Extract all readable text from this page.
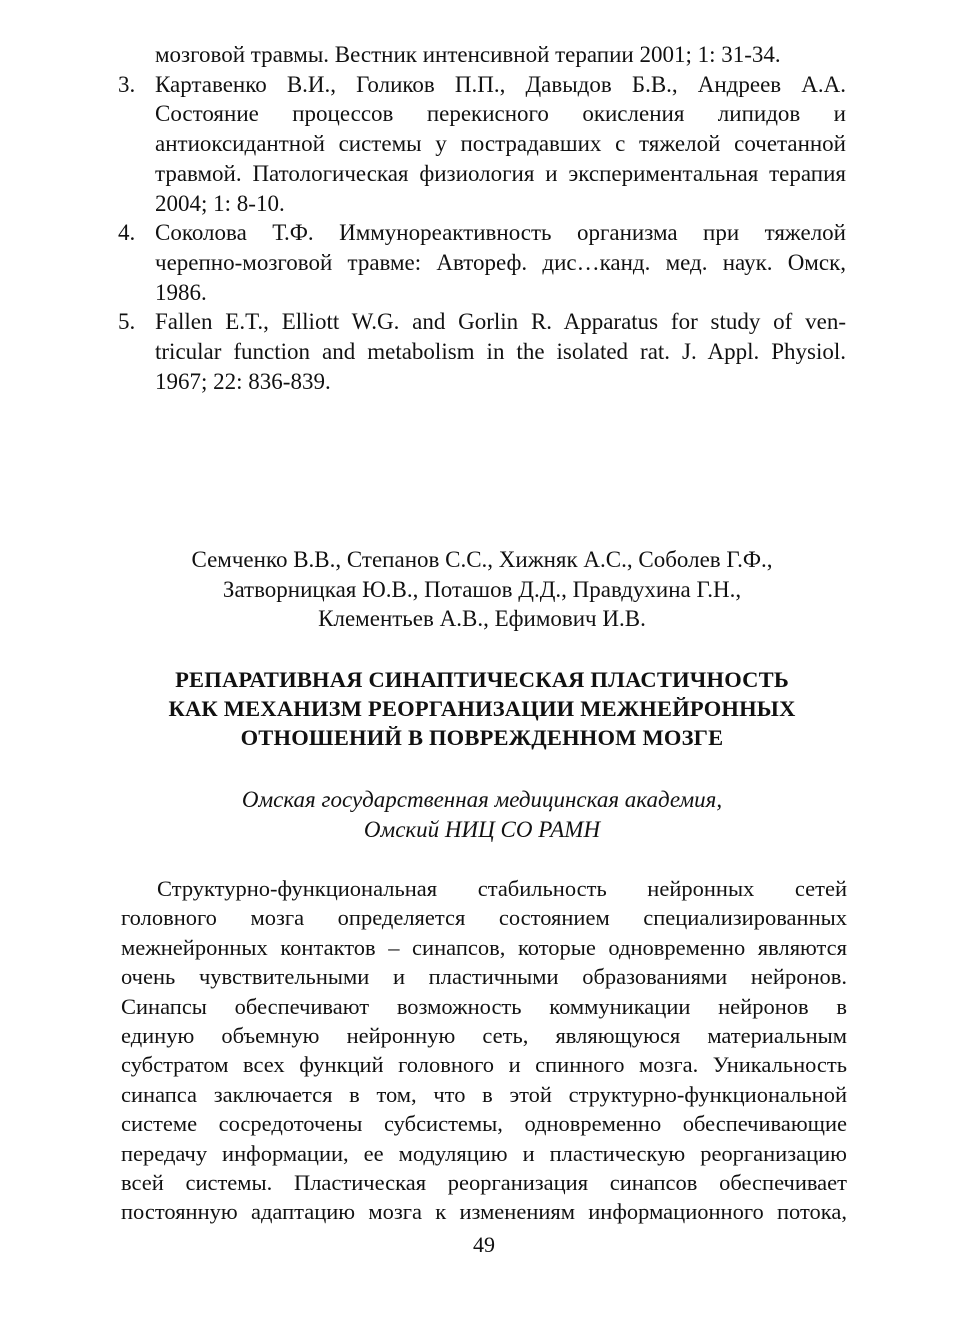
мозговой травмы. Вестник интенсивной терапии 2001; 1: 31-34.
3. Картавенко В.И., Голиков П.П., Давыдов Б.В., Андреев А.А.
Состояние процессов перекисного окисления липидов и
антиоксидантной системы у пострадавших с тяжелой сочетанной
травмой. Патологическая физиология и экспериментальная терапия
2004; 1: 8-10.
4. Соколова Т.Ф. Иммунореактивность организма при тяжелой
черепно-мозговой травме: Автореф. дис…канд. мед. наук. Омск,
1986.
5. Fallen E.T., Elliott W.G. and Gorlin R. Apparatus for study of ven-
tricular function and metabolism in the isolated rat. J. Appl. Physiol.
1967; 22: 836-839.
Семченко В.В., Степанов С.С., Хижняк А.С., Соболев Г.Ф.,
Затворницкая Ю.В., Поташов Д.Д., Правдухина Г.Н.,
Клементьев А.В., Ефимович И.В.
РЕПАРАТИВНАЯ СИНАПТИЧЕСКАЯ ПЛАСТИЧНОСТЬ
КАК МЕХАНИЗМ РЕОРГАНИЗАЦИИ МЕЖНЕЙРОННЫХ
ОТНОШЕНИЙ В ПОВРЕЖДЕННОМ МОЗГЕ
Омская государственная медицинская академия,
Омский НИЦ СО РАМН
Структурно-функциональная стабильность нейронных сетей
головного мозга определяется состоянием специализированных
межнейронных контактов – синапсов, которые одновременно являются
очень чувствительными и пластичными образованиями нейронов.
Синапсы обеспечивают возможность коммуникации нейронов в
единую объемную нейронную сеть, являющуюся материальным
субстратом всех функций головного и спинного мозга. Уникальность
синапса заключается в том, что в этой структурно-функциональной
системе сосредоточены субсистемы, одновременно обеспечивающие
передачу информации, ее модуляцию и пластическую реорганизацию
всей системы. Пластическая реорганизация синапсов обеспечивает
постоянную адаптацию мозга к изменениям информационного потока,
49
